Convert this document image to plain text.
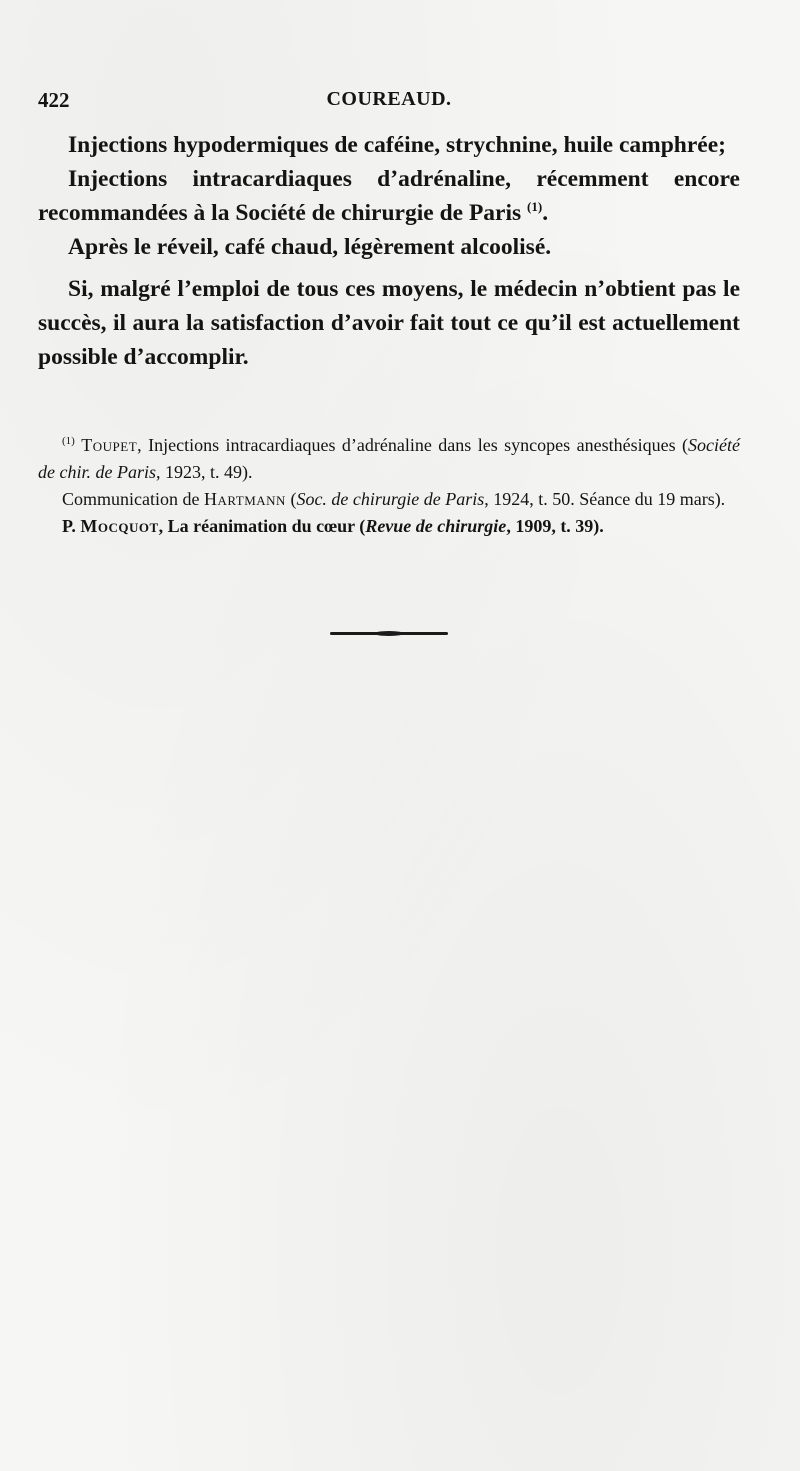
422	COUREAUD.

Injections hypodermiques de caféine, strychnine, huile camphrée;

Injections intracardiaques d’adrénaline, récemment encore recommandées à la Société de chirurgie de Paris $^{(1)}$.

Après le réveil, café chaud, légèrement alcoolisé.

Si, malgré l’emploi de tous ces moyens, le médecin n’obtient pas le succès, il aura la satisfaction d’avoir fait tout ce qu’il est actuellement possible d’accomplir.

$^{(1)}$ Toupet, Injections intracardiaques d’adrénaline dans les syncopes anesthésiques (Société de chir. de Paris, 1923, t. 49).

Communication de Hartmann (Soc. de chirurgie de Paris, 1924, t. 50. Séance du 19 mars).

P. Mocquot, La réanimation du cœur (Revue de chirurgie, 1909, t. 39).
